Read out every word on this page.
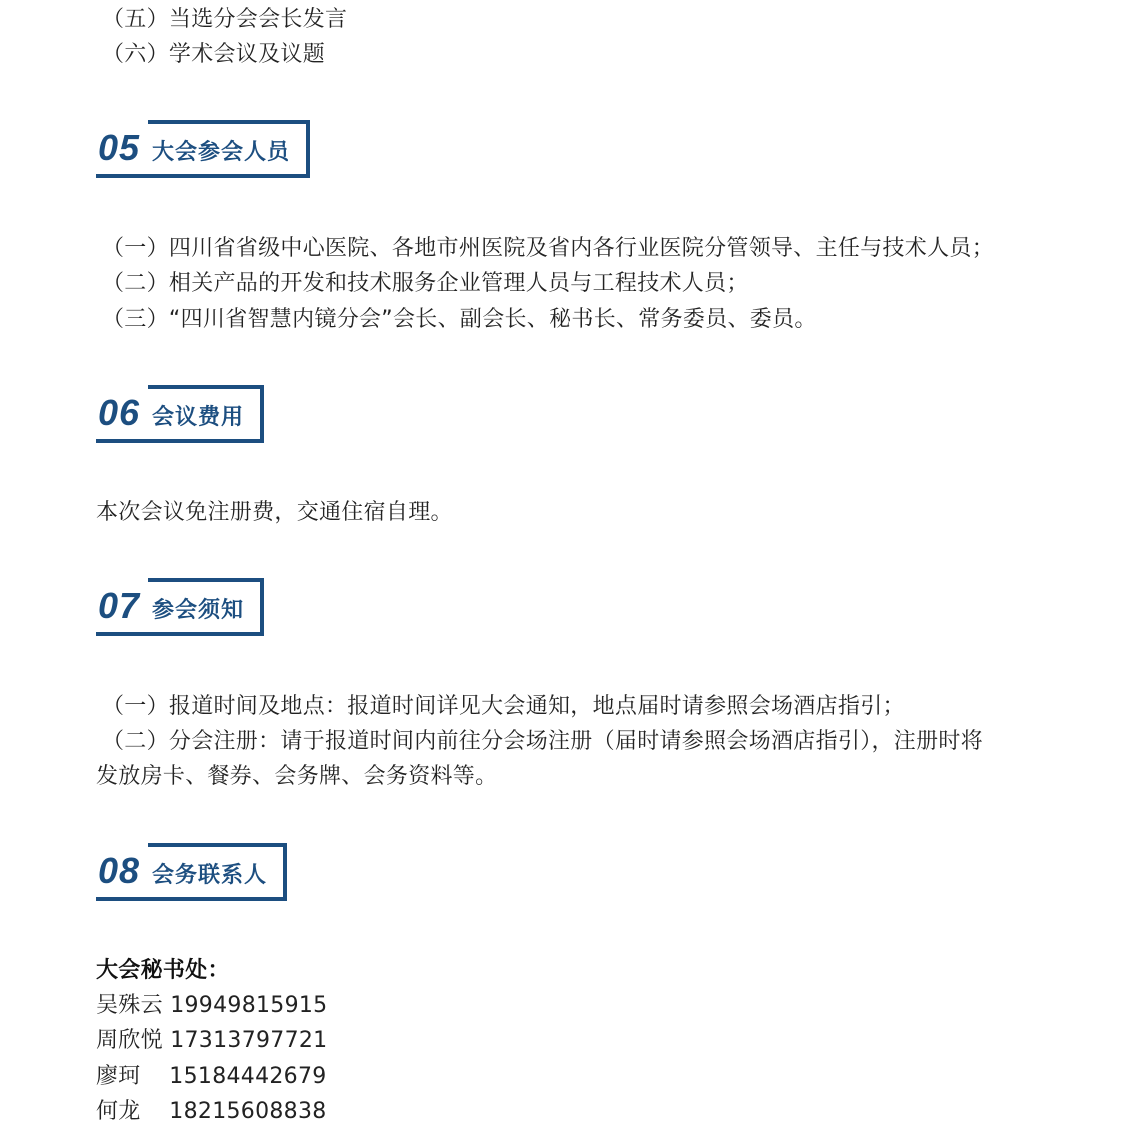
（五）当选分会会长发言
（六）学术会议及议题
05 大会参会人员
（一）四川省省级中心医院、各地市州医院及省内各行业医院分管领导、主任与技术人员；
（二）相关产品的开发和技术服务企业管理人员与工程技术人员；
（三）“四川省智慧内镜分会”会长、副会长、秘书长、常务委员、委员。
06 会议费用
本次会议免注册费，交通住宿自理。
07 参会须知
（一）报道时间及地点：报道时间详见大会通知，地点届时请参照会场酒店指引；
（二）分会注册：请于报道时间内前往分会场注册（届时请参照会场酒店指引），注册时将
发放房卡、餐券、会务牌、会务资料等。
08 会务联系人
大会秘书处：
吴殊云 19949815915
周欣悦 17313797721
廖珂 15184442679
何龙 18215608838
